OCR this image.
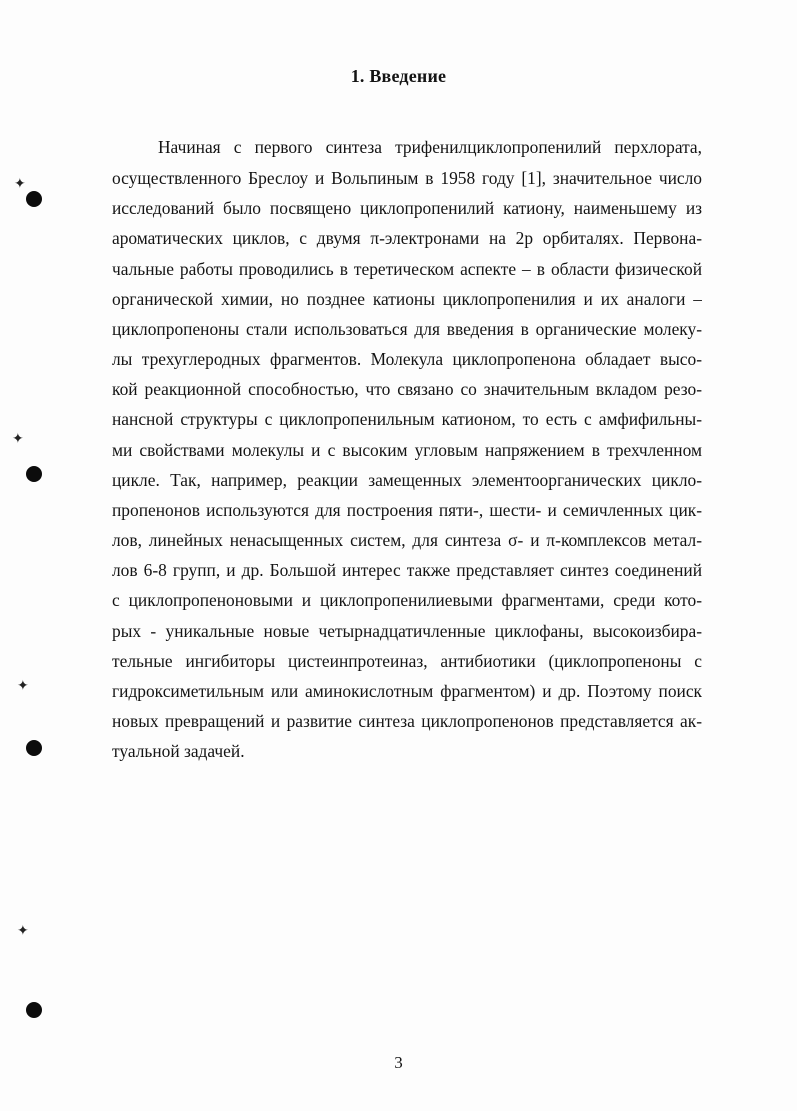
1. Введение
Начиная с первого синтеза трифенилциклопропенилий перхлората,
осуществленного Бреслоу и Вольпиным в 1958 году [1], значительное число
исследований было посвящено циклопропенилий катиону, наименьшему из
ароматических циклов, с двумя π-электронами на 2p орбиталях. Первона-
чальные работы проводились в теретическом аспекте – в области физической
органической химии, но позднее катионы циклопропенилия и их аналоги –
циклопропеноны стали использоваться для введения в органические молеку-
лы трехуглеродных фрагментов. Молекула циклопропенона обладает высо-
кой реакционной способностью, что связано со значительным вкладом резо-
нансной структуры с циклопропенильным катионом, то есть с амфифильны-
ми свойствами молекулы и с высоким угловым напряжением в трехчленном
цикле. Так, например, реакции замещенных элементоорганических цикло-
пропенонов используются для построения пяти-, шести- и семичленных цик-
лов, линейных ненасыщенных систем, для синтеза σ- и π-комплексов метал-
лов 6-8 групп, и др. Большой интерес также представляет синтез соединений
с циклопропеноновыми и циклопропенилиевыми фрагментами, среди кото-
рых - уникальные новые четырнадцатичленные циклофаны, высокоизбира-
тельные ингибиторы цистеинпротеиназ, антибиотики (циклопропеноны с
гидроксиметильным или аминокислотным фрагментом) и др. Поэтому поиск
новых превращений и развитие синтеза циклопропенонов представляется ак-
туальной задачей.
3
✦
✦
✦
✦
